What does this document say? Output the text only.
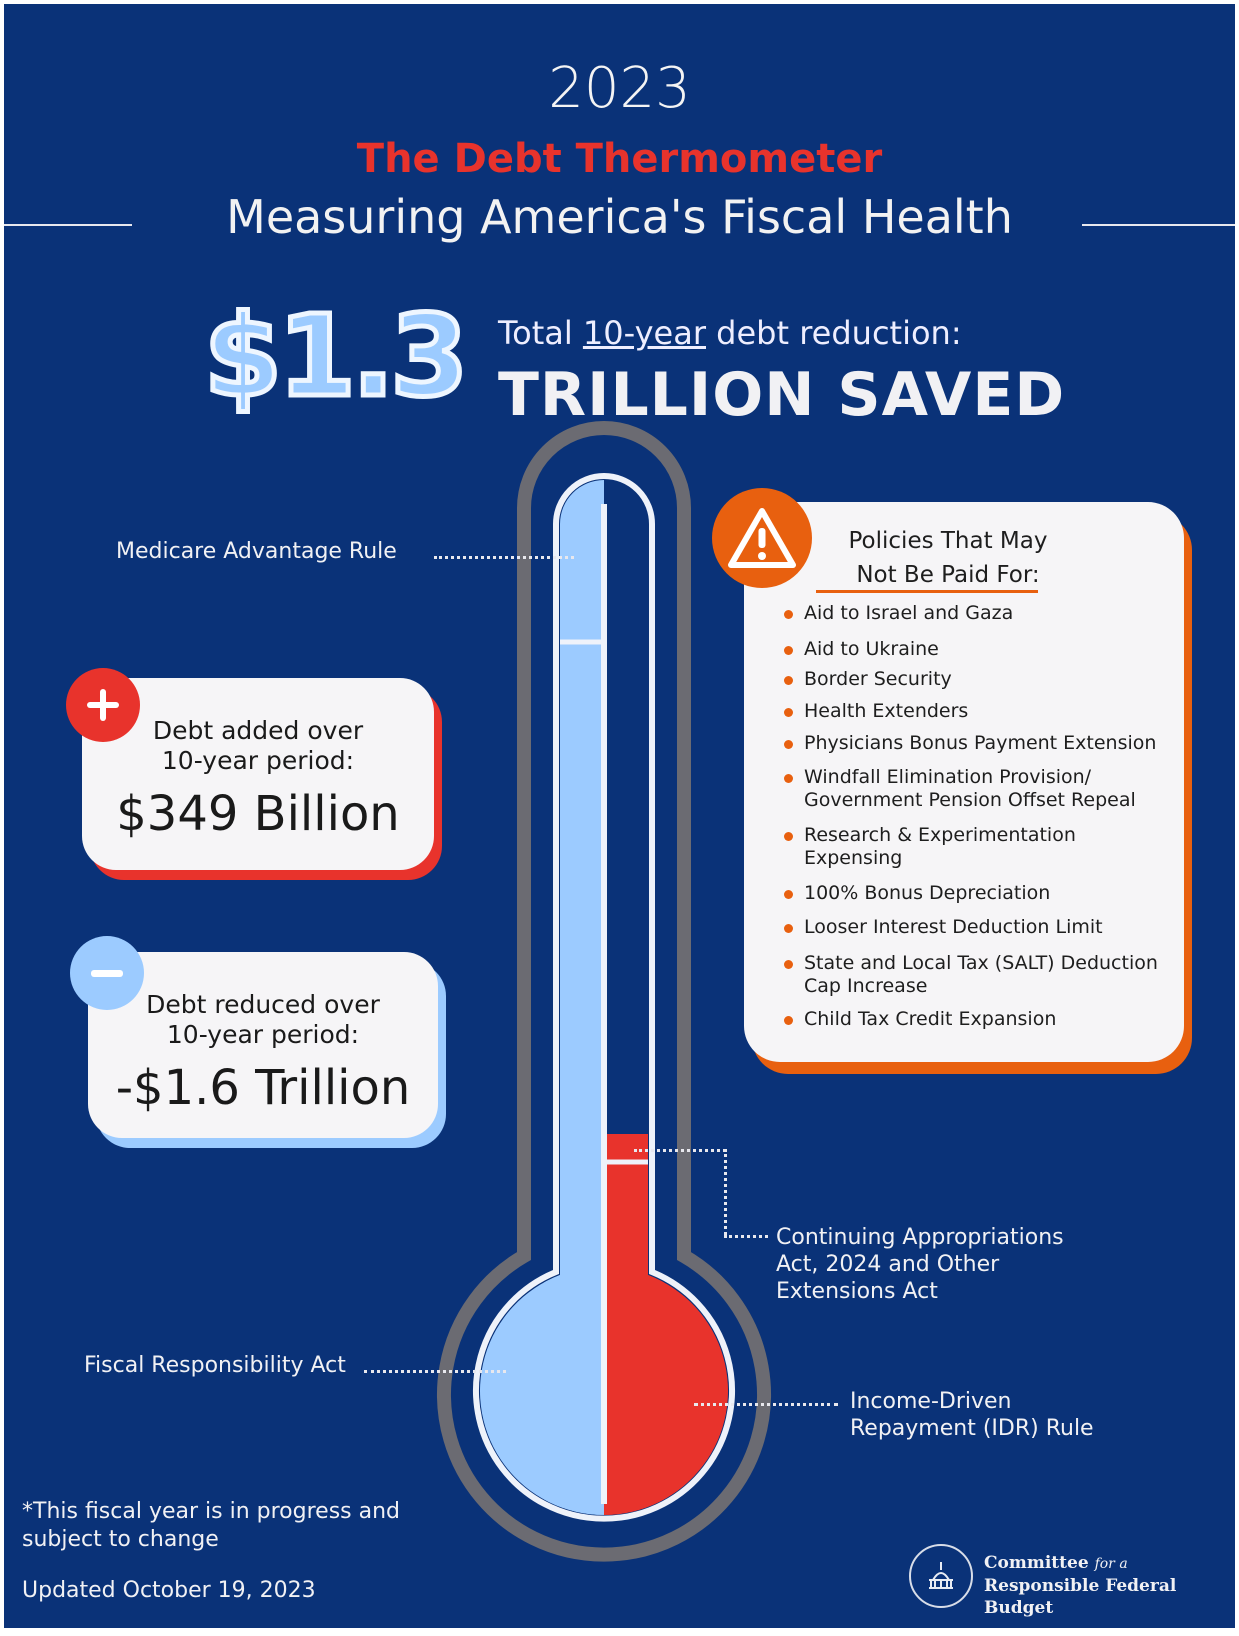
2023
The Debt Thermometer
Measuring America's Fiscal Health
$1.3 Total 10-year debt reduction:
TRILLION SAVED
Medicare Advantage Rule
Fiscal Responsibility Act
Continuing Appropriations
Act, 2024 and Other
Extensions Act
Income-Driven
Repayment (IDR) Rule
Debt added over
10-year period:
$349 Billion
Debt reduced over
10-year period:
-$1.6 Trillion
Policies That May
Not Be Paid For:
Aid to Israel and Gaza
Aid to Ukraine
Border Security
Health Extenders
Physicians Bonus Payment Extension
Windfall Elimination Provision/ Government Pension Offset Repeal
Research & Experimentation Expensing
100% Bonus Depreciation
Looser Interest Deduction Limit
State and Local Tax (SALT) Deduction Cap Increase
Child Tax Credit Expansion
*This fiscal year is in progress and
subject to change
Updated October 19, 2023
Committee for a
Responsible Federal Budget
